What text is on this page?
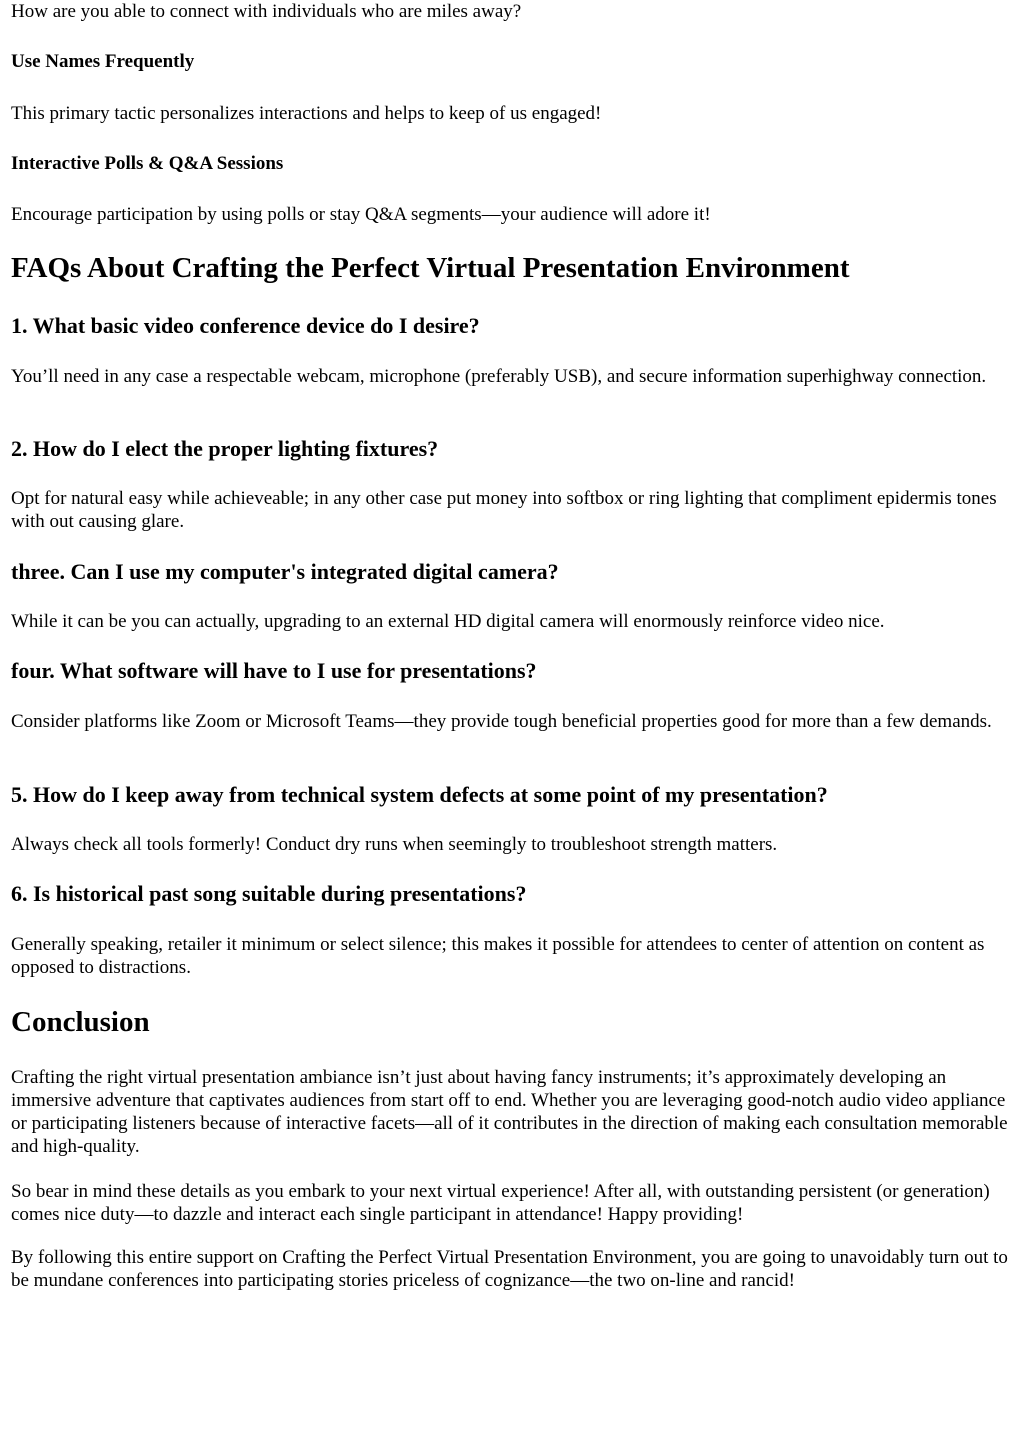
How are you able to connect with individuals who are miles away?

Use Names Frequently

This primary tactic personalizes interactions and helps to keep of us engaged!

Interactive Polls & Q&A Sessions

Encourage participation by using polls or stay Q&A segments—your audience will adore it!

FAQs About Crafting the Perfect Virtual Presentation Environment
1. What basic video conference device do I desire?

You’ll need in any case a respectable webcam, microphone (preferably USB), and secure information superhighway connection.

2. How do I elect the proper lighting fixtures?

Opt for natural easy while achieveable; in any other case put money into softbox or ring lighting that compliment epidermis tones with out causing glare.

three. Can I use my computer's integrated digital camera?

While it can be you can actually, upgrading to an external HD digital camera will enormously reinforce video nice.

four. What software will have to I use for presentations?

Consider platforms like Zoom or Microsoft Teams—they provide tough beneficial properties good for more than a few demands.

5. How do I keep away from technical system defects at some point of my presentation?

Always check all tools formerly! Conduct dry runs when seemingly to troubleshoot strength matters.

6. Is historical past song suitable during presentations?

Generally speaking, retailer it minimum or select silence; this makes it possible for attendees to center of attention on content as opposed to distractions.

Conclusion

Crafting the right virtual presentation ambiance isn’t just about having fancy instruments; it’s approximately developing an immersive adventure that captivates audiences from start off to end. Whether you are leveraging good-notch audio video appliance or participating listeners because of interactive facets—all of it contributes in the direction of making each consultation memorable and high-quality.

So bear in mind these details as you embark to your next virtual experience! After all, with outstanding persistent (or generation) comes nice duty—to dazzle and interact each single participant in attendance! Happy providing!

By following this entire support on Crafting the Perfect Virtual Presentation Environment, you are going to unavoidably turn out to be mundane conferences into participating stories priceless of cognizance—the two on-line and rancid!
